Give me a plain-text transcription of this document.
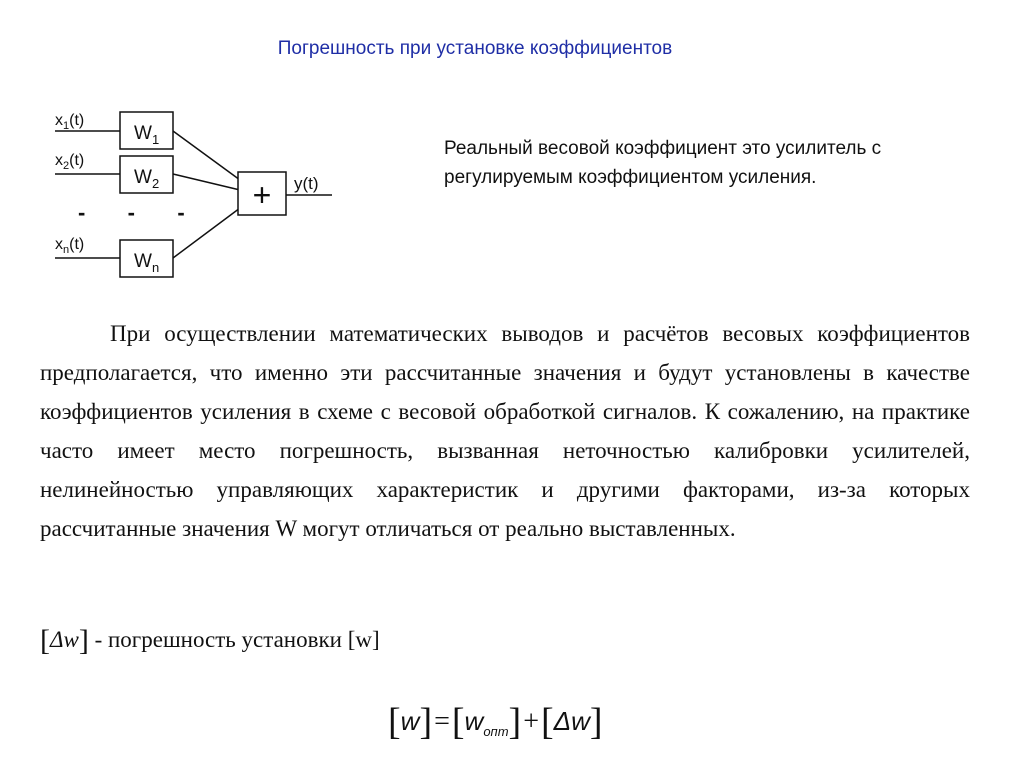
Погрешность при установке коэффициентов
$x_1(t)$
$x_2(t)$
$x_n(t)$
$W_1$
$W_2$
$W_n$
-   -   - + y(t)
Реальный весовой коэффициент это усилитель с регулируемым коэффициентом усиления.

При осуществлении математических выводов и расчётов весовых коэффициентов предполагается, что именно эти рассчитанные значения и будут установлены в качестве коэффициентов усиления в схеме с весовой обработкой сигналов. К сожалению, на практике часто имеет место погрешность, вызванная неточностью калибровки усилителей, нелинейностью управляющих характеристик и другими факторами, из-за которых рассчитанные значения W могут отличаться от реально выставленных.

[Δw] - погрешность установки [w]
$[w]=[w_{опт}]+[\Delta w]$
